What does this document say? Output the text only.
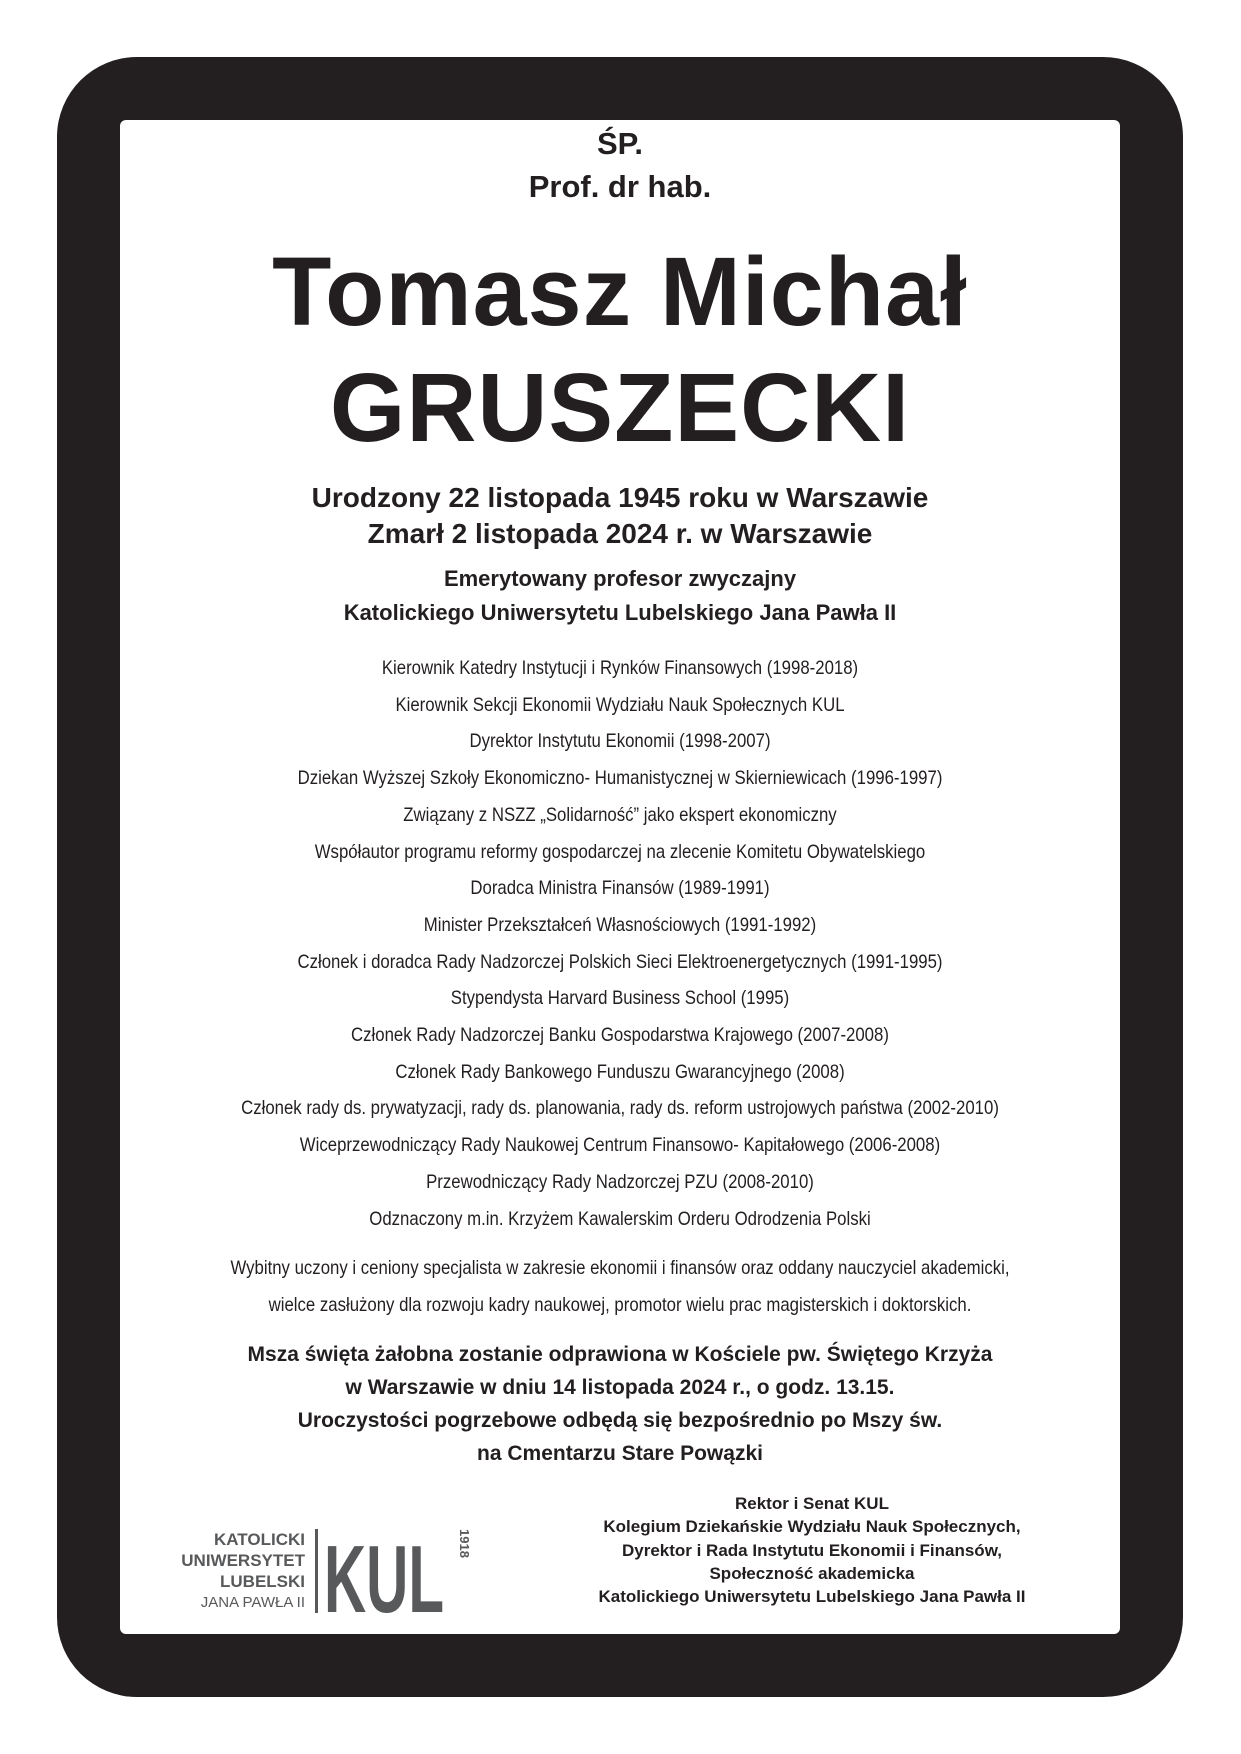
ŚP.
Prof. dr hab.
Tomasz Michał
GRUSZECKI
Urodzony 22 listopada 1945 roku w Warszawie
Zmarł 2 listopada 2024 r. w Warszawie
Emerytowany profesor zwyczajny
Katolickiego Uniwersytetu Lubelskiego Jana Pawła II
Kierownik Katedry Instytucji i Rynków Finansowych (1998-2018)
Kierownik Sekcji Ekonomii Wydziału Nauk Społecznych KUL
Dyrektor Instytutu Ekonomii (1998-2007)
Dziekan Wyższej Szkoły Ekonomiczno- Humanistycznej w Skierniewicach (1996-1997)
Związany z NSZZ „Solidarność” jako ekspert ekonomiczny
Współautor programu reformy gospodarczej na zlecenie Komitetu Obywatelskiego
Doradca Ministra Finansów (1989-1991)
Minister Przekształceń Własnościowych (1991-1992)
Członek i doradca Rady Nadzorczej Polskich Sieci Elektroenergetycznych (1991-1995)
Stypendysta Harvard Business School (1995)
Członek Rady Nadzorczej Banku Gospodarstwa Krajowego (2007-2008)
Członek Rady Bankowego Funduszu Gwarancyjnego (2008)
Członek rady ds. prywatyzacji, rady ds. planowania, rady ds. reform ustrojowych państwa (2002-2010)
Wiceprzewodniczący Rady Naukowej Centrum Finansowo- Kapitałowego (2006-2008)
Przewodniczący Rady Nadzorczej PZU (2008-2010)
Odznaczony m.in. Krzyżem Kawalerskim Orderu Odrodzenia Polski
Wybitny uczony i ceniony specjalista w zakresie ekonomii i finansów oraz oddany nauczyciel akademicki,
wielce zasłużony dla rozwoju kadry naukowej, promotor wielu prac magisterskich i doktorskich.
Msza święta żałobna zostanie odprawiona w Kościele pw. Świętego Krzyża
w Warszawie w dniu 14 listopada 2024 r., o godz. 13.15.
Uroczystości pogrzebowe odbędą się bezpośrednio po Mszy św.
na Cmentarzu Stare Powązki
KATOLICKI
UNIWERSYTET
LUBELSKI
JANA PAWŁA II KUL 1918
Rektor i Senat KUL
Kolegium Dziekańskie Wydziału Nauk Społecznych,
Dyrektor i Rada Instytutu Ekonomii i Finansów,
Społeczność akademicka
Katolickiego Uniwersytetu Lubelskiego Jana Pawła II
